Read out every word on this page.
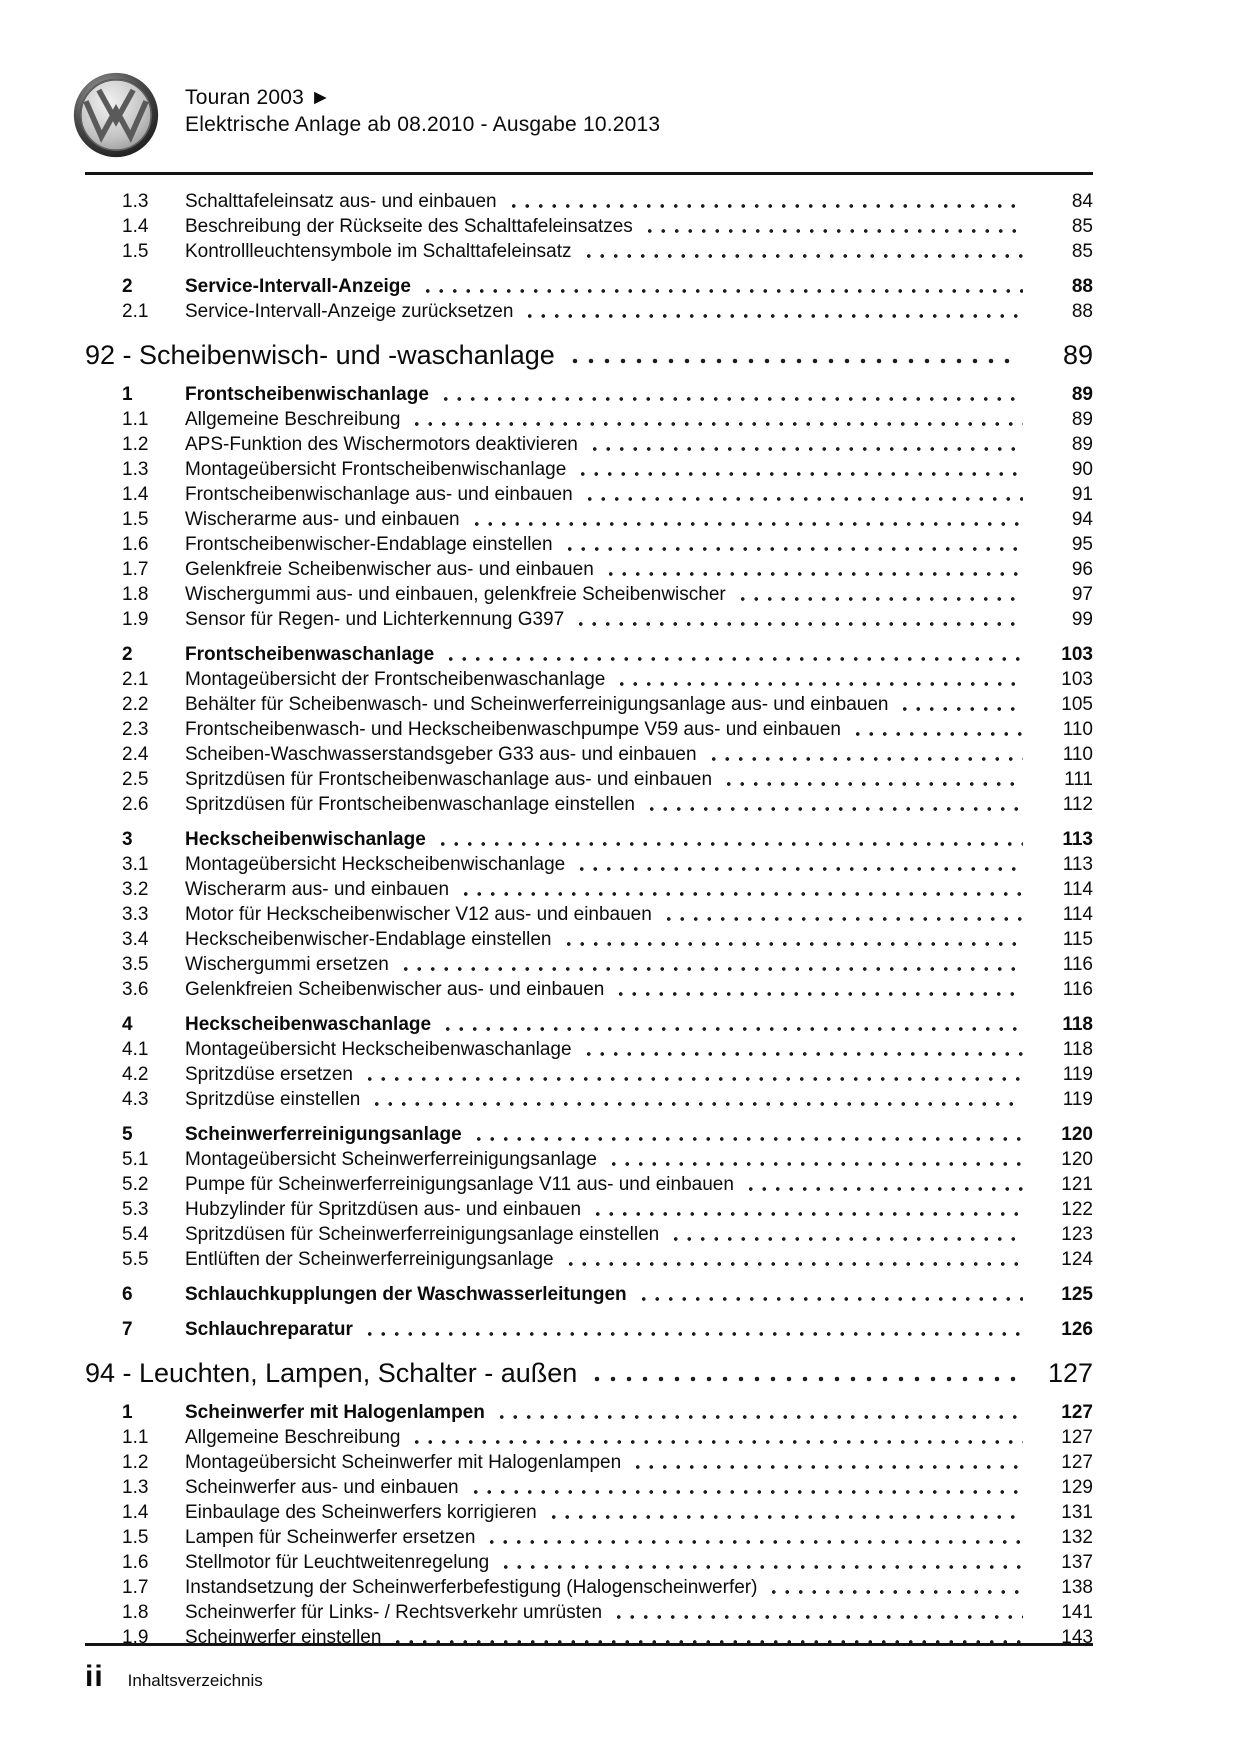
Touran 2003 ►
Elektrische Anlage ab 08.2010 - Ausgabe 10.2013
1.3	Schalttafeleinsatz aus- und einbauen	84
1.4	Beschreibung der Rückseite des Schalttafeleinsatzes	85
1.5	Kontrollleuchtensymbole im Schalttafeleinsatz	85
2	Service-Intervall-Anzeige	88
2.1	Service-Intervall-Anzeige zurücksetzen	88
92 - Scheibenwisch- und -waschanlage	89
1	Frontscheibenwischanlage	89
1.1	Allgemeine Beschreibung	89
1.2	APS-Funktion des Wischermotors deaktivieren	89
1.3	Montageübersicht Frontscheibenwischanlage	90
1.4	Frontscheibenwischanlage aus- und einbauen	91
1.5	Wischerarme aus- und einbauen	94
1.6	Frontscheibenwischer-Endablage einstellen	95
1.7	Gelenkfreie Scheibenwischer aus- und einbauen	96
1.8	Wischergummi aus- und einbauen, gelenkfreie Scheibenwischer	97
1.9	Sensor für Regen- und Lichterkennung G397	99
2	Frontscheibenwaschanlage	103
2.1	Montageübersicht der Frontscheibenwaschanlage	103
2.2	Behälter für Scheibenwasch- und Scheinwerferreinigungsanlage aus- und einbauen	105
2.3	Frontscheibenwasch- und Heckscheibenwaschpumpe V59 aus- und einbauen	110
2.4	Scheiben-Waschwasserstandsgeber G33 aus- und einbauen	110
2.5	Spritzdüsen für Frontscheibenwaschanlage aus- und einbauen	111
2.6	Spritzdüsen für Frontscheibenwaschanlage einstellen	112
3	Heckscheibenwischanlage	113
3.1	Montageübersicht Heckscheibenwischanlage	113
3.2	Wischerarm aus- und einbauen	114
3.3	Motor für Heckscheibenwischer V12 aus- und einbauen	114
3.4	Heckscheibenwischer-Endablage einstellen	115
3.5	Wischergummi ersetzen	116
3.6	Gelenkfreien Scheibenwischer aus- und einbauen	116
4	Heckscheibenwaschanlage	118
4.1	Montageübersicht Heckscheibenwaschanlage	118
4.2	Spritzdüse ersetzen	119
4.3	Spritzdüse einstellen	119
5	Scheinwerferreinigungsanlage	120
5.1	Montageübersicht Scheinwerferreinigungsanlage	120
5.2	Pumpe für Scheinwerferreinigungsanlage V11 aus- und einbauen	121
5.3	Hubzylinder für Spritzdüsen aus- und einbauen	122
5.4	Spritzdüsen für Scheinwerferreinigungsanlage einstellen	123
5.5	Entlüften der Scheinwerferreinigungsanlage	124
6	Schlauchkupplungen der Waschwasserleitungen	125
7	Schlauchreparatur	126
94 - Leuchten, Lampen, Schalter - außen	127
1	Scheinwerfer mit Halogenlampen	127
1.1	Allgemeine Beschreibung	127
1.2	Montageübersicht Scheinwerfer mit Halogenlampen	127
1.3	Scheinwerfer aus- und einbauen	129
1.4	Einbaulage des Scheinwerfers korrigieren	131
1.5	Lampen für Scheinwerfer ersetzen	132
1.6	Stellmotor für Leuchtweitenregelung	137
1.7	Instandsetzung der Scheinwerferbefestigung (Halogenscheinwerfer)	138
1.8	Scheinwerfer für Links- / Rechtsverkehr umrüsten	141
1.9	Scheinwerfer einstellen	143
ii Inhaltsverzeichnis
